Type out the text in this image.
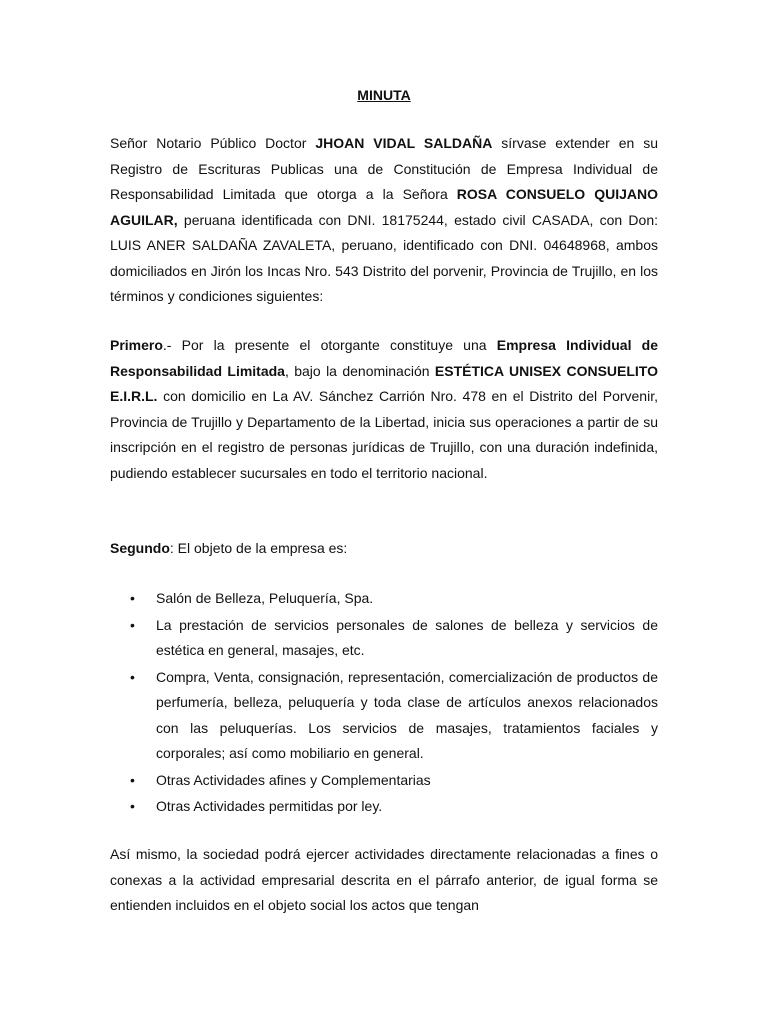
MINUTA

Señor Notario Público Doctor JHOAN VIDAL SALDAÑA sírvase extender en su Registro de Escrituras Publicas una de Constitución de Empresa Individual de Responsabilidad Limitada que otorga a la Señora ROSA CONSUELO QUIJANO AGUILAR, peruana identificada con DNI. 18175244, estado civil CASADA, con Don: LUIS ANER SALDAÑA ZAVALETA, peruano, identificado con DNI. 04648968, ambos domiciliados en Jirón los Incas Nro. 543 Distrito del porvenir, Provincia de Trujillo, en los términos y condiciones siguientes:

Primero.- Por la presente el otorgante constituye una Empresa Individual de Responsabilidad Limitada, bajo la denominación ESTÉTICA UNISEX CONSUELITO E.I.R.L. con domicilio en La AV. Sánchez Carrión Nro. 478 en el Distrito del Porvenir, Provincia de Trujillo y Departamento de la Libertad, inicia sus operaciones a partir de su inscripción en el registro de personas jurídicas de Trujillo, con una duración indefinida, pudiendo establecer sucursales en todo el territorio nacional.

Segundo: El objeto de la empresa es:

• Salón de Belleza, Peluquería, Spa.
• La prestación de servicios personales de salones de belleza y servicios de estética en general, masajes, etc.
• Compra, Venta, consignación, representación, comercialización de productos de perfumería, belleza, peluquería y toda clase de artículos anexos relacionados con las peluquerías. Los servicios de masajes, tratamientos faciales y corporales; así como mobiliario en general.
• Otras Actividades afines y Complementarias
• Otras Actividades permitidas por ley.

Así mismo, la sociedad podrá ejercer actividades directamente relacionadas a fines o conexas a la actividad empresarial descrita en el párrafo anterior, de igual forma se entienden incluidos en el objeto social los actos que tengan
